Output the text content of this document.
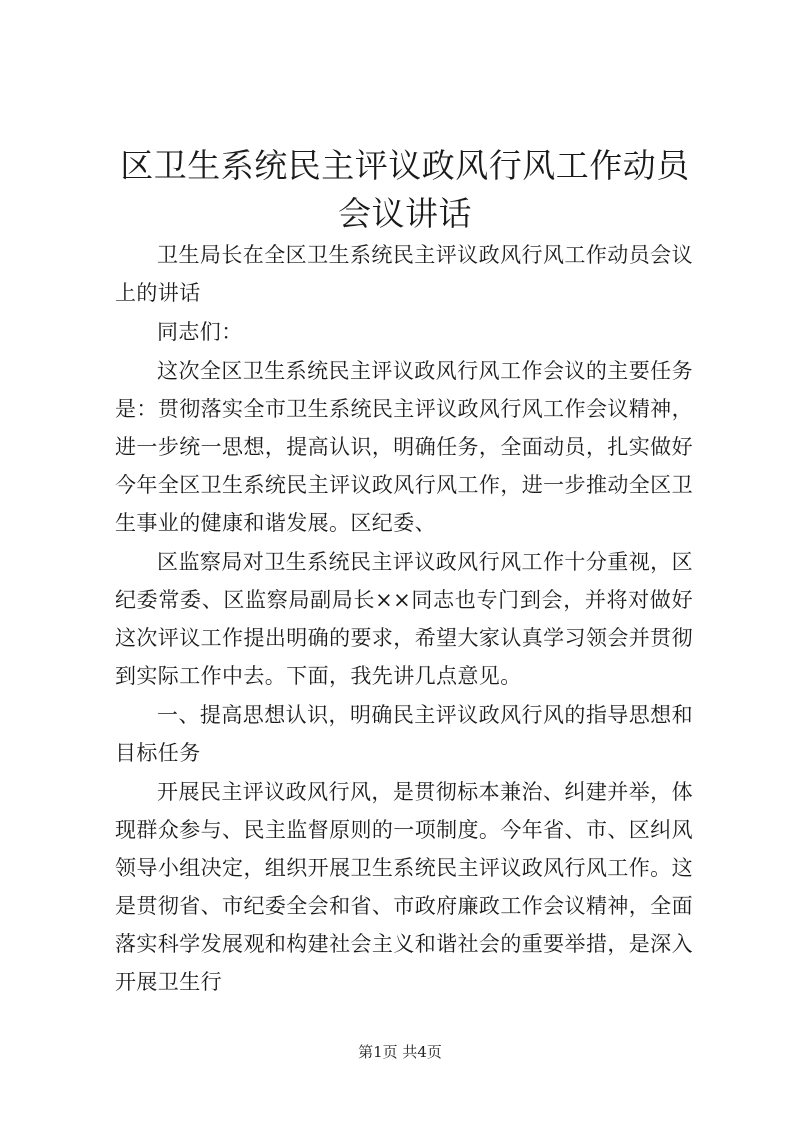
区卫生系统民主评议政风行风工作动员会议讲话

卫生局长在全区卫生系统民主评议政风行风工作动员会议上的讲话

同志们：

这次全区卫生系统民主评议政风行风工作会议的主要任务是：贯彻落实全市卫生系统民主评议政风行风工作会议精神，进一步统一思想，提高认识，明确任务，全面动员，扎实做好今年全区卫生系统民主评议政风行风工作，进一步推动全区卫生事业的健康和谐发展。区纪委、

区监察局对卫生系统民主评议政风行风工作十分重视，区纪委常委、区监察局副局长××同志也专门到会，并将对做好这次评议工作提出明确的要求，希望大家认真学习领会并贯彻到实际工作中去。下面，我先讲几点意见。

一、提高思想认识，明确民主评议政风行风的指导思想和目标任务

开展民主评议政风行风，是贯彻标本兼治、纠建并举，体现群众参与、民主监督原则的一项制度。今年省、市、区纠风领导小组决定，组织开展卫生系统民主评议政风行风工作。这是贯彻省、市纪委全会和省、市政府廉政工作会议精神，全面落实科学发展观和构建社会主义和谐社会的重要举措，是深入开展卫生行

第1页 共4页
